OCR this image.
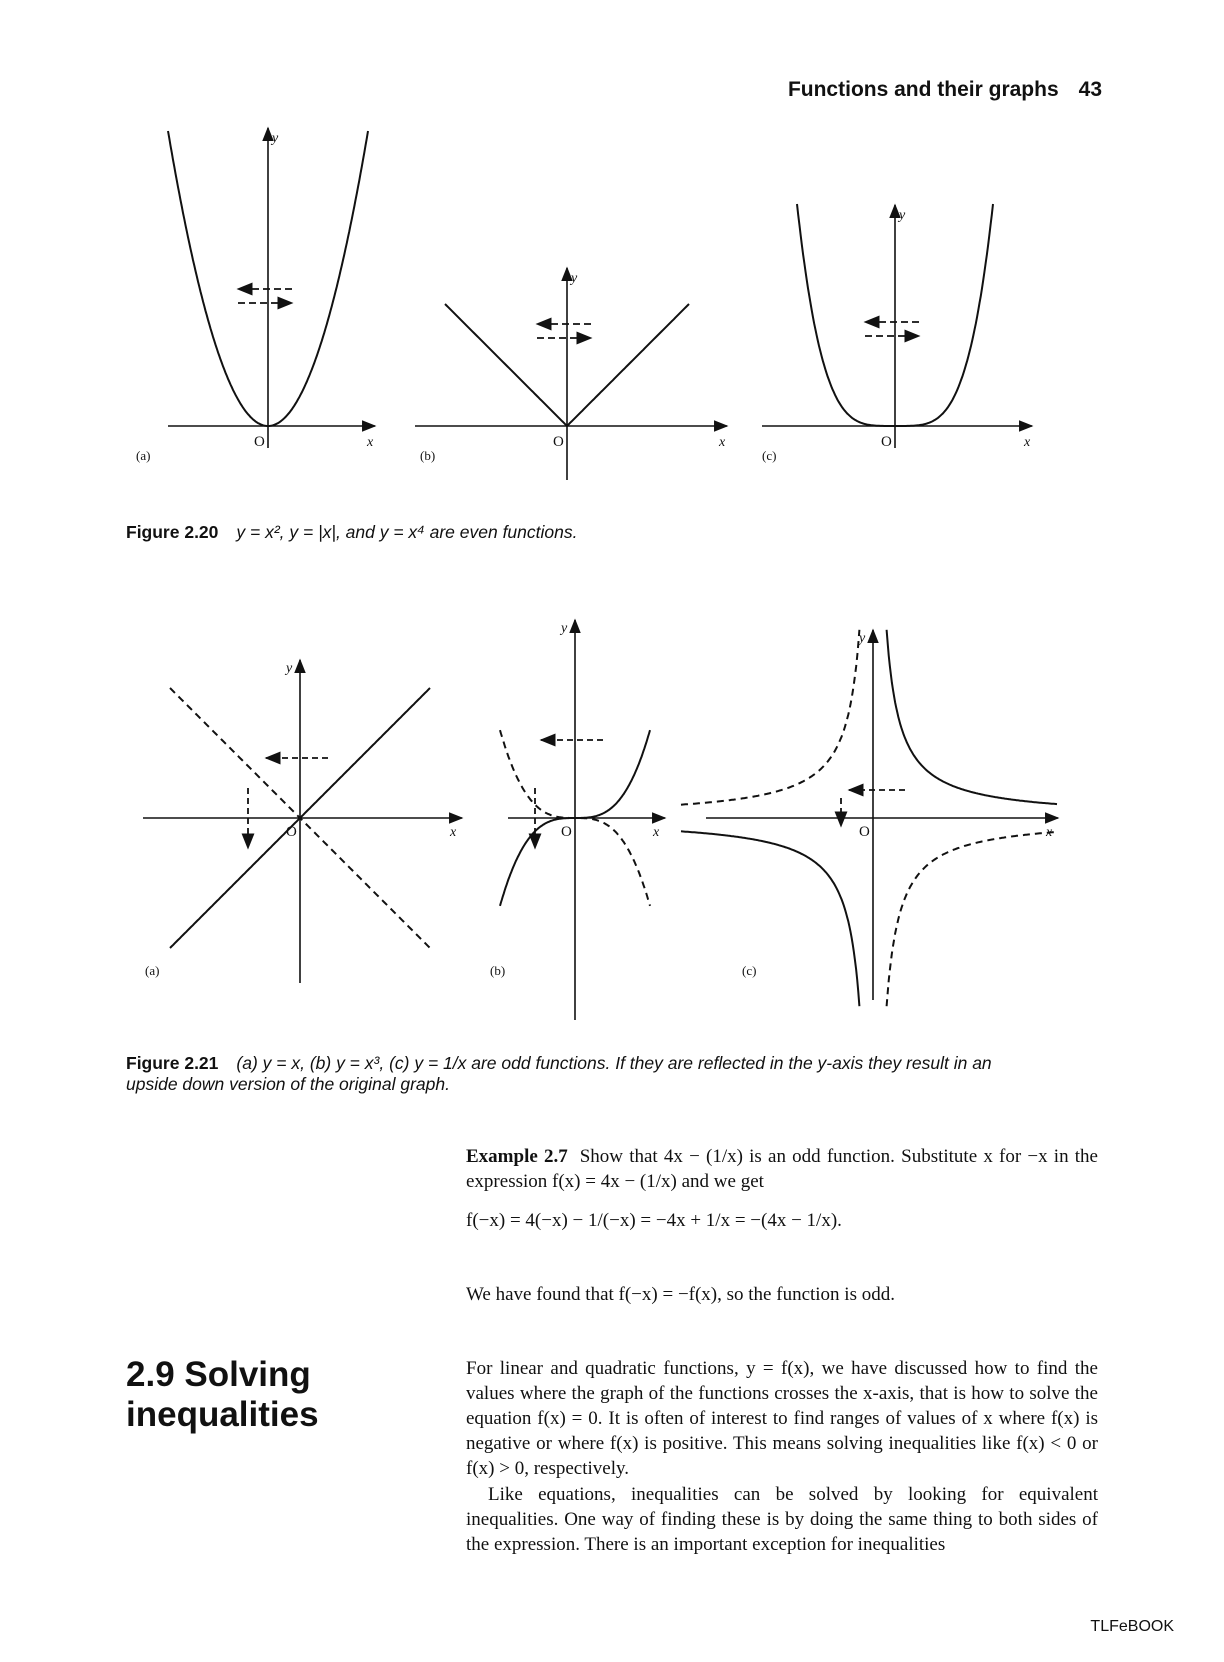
Functions and their graphs 43
y
x
O
(a)
y
x
O
(b)
y
x
O
(c)
Figure 2.20 y = x², y = |x|, and y = x⁴ are even functions.
y
x
O
(a)
y
x
O
(b)
y
x
O
(c)
Figure 2.21 (a) y = x, (b) y = x³, (c) y = 1/x are odd functions. If they are reflected in the y-axis they result in an upside down version of the original graph.
Example 2.7 Show that 4x − (1/x) is an odd function. Substitute x for −x in the expression f(x) = 4x − (1/x) and we get
f(−x) = 4(−x) − 1/(−x) = −4x + 1/x = −(4x − 1/x).
We have found that f(−x) = −f(x), so the function is odd.
2.9 Solving inequalities
For linear and quadratic functions, y = f(x), we have discussed how to find the values where the graph of the functions crosses the x-axis, that is how to solve the equation f(x) = 0. It is often of interest to find ranges of values of x where f(x) is negative or where f(x) is positive. This means solving inequalities like f(x) < 0 or f(x) > 0, respectively.
Like equations, inequalities can be solved by looking for equivalent inequalities. One way of finding these is by doing the same thing to both sides of the expression. There is an important exception for inequalities
TLFeBOOK
